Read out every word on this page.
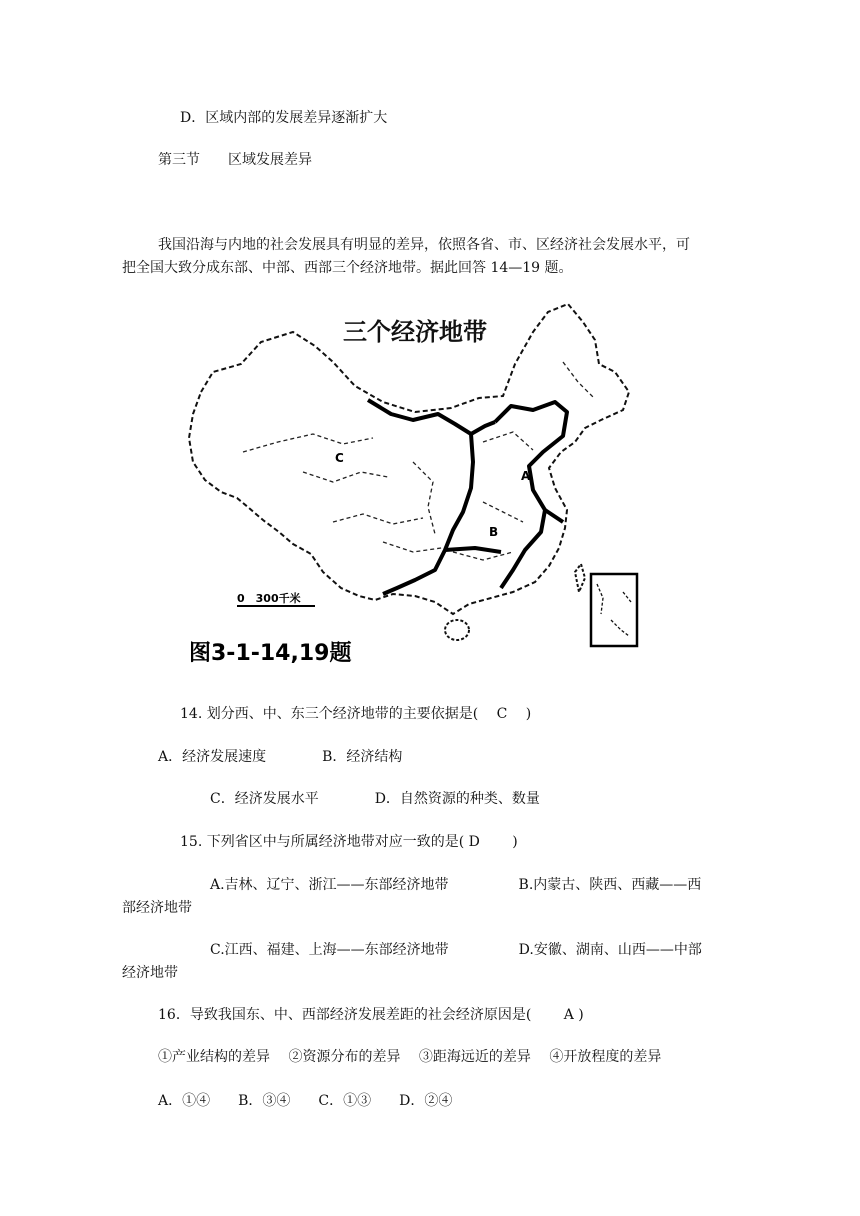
D．区域内部的发展差异逐渐扩大
第三节　　区域发展差异
我国沿海与内地的社会发展具有明显的差异，依照各省、市、区经济社会发展水平，可
把全国大致分成东部、中部、西部三个经济地带。据此回答 14—19 题。
三个经济地带
C
B
A
0　300千米
图3-1-14,19题
14. 划分西、中、东三个经济地带的主要依据是(　 C　 )
A．经济发展速度　　　　B．经济结构
C．经济发展水平　　　　D．自然资源的种类、数量
15. 下列省区中与所属经济地带对应一致的是( D　　 )
A.吉林、辽宁、浙江——东部经济地带　　　　　B.内蒙古、陕西、西藏——西
部经济地带
C.江西、福建、上海——东部经济地带　　　　　D.安徽、湖南、山西——中部
经济地带
16．导致我国东、中、西部经济发展差距的社会经济原因是(　　 A )
①产业结构的差异　 ②资源分布的差异　 ③距海远近的差异　 ④开放程度的差异
A．①④　　B．③④　　C．①③　　D．②④
